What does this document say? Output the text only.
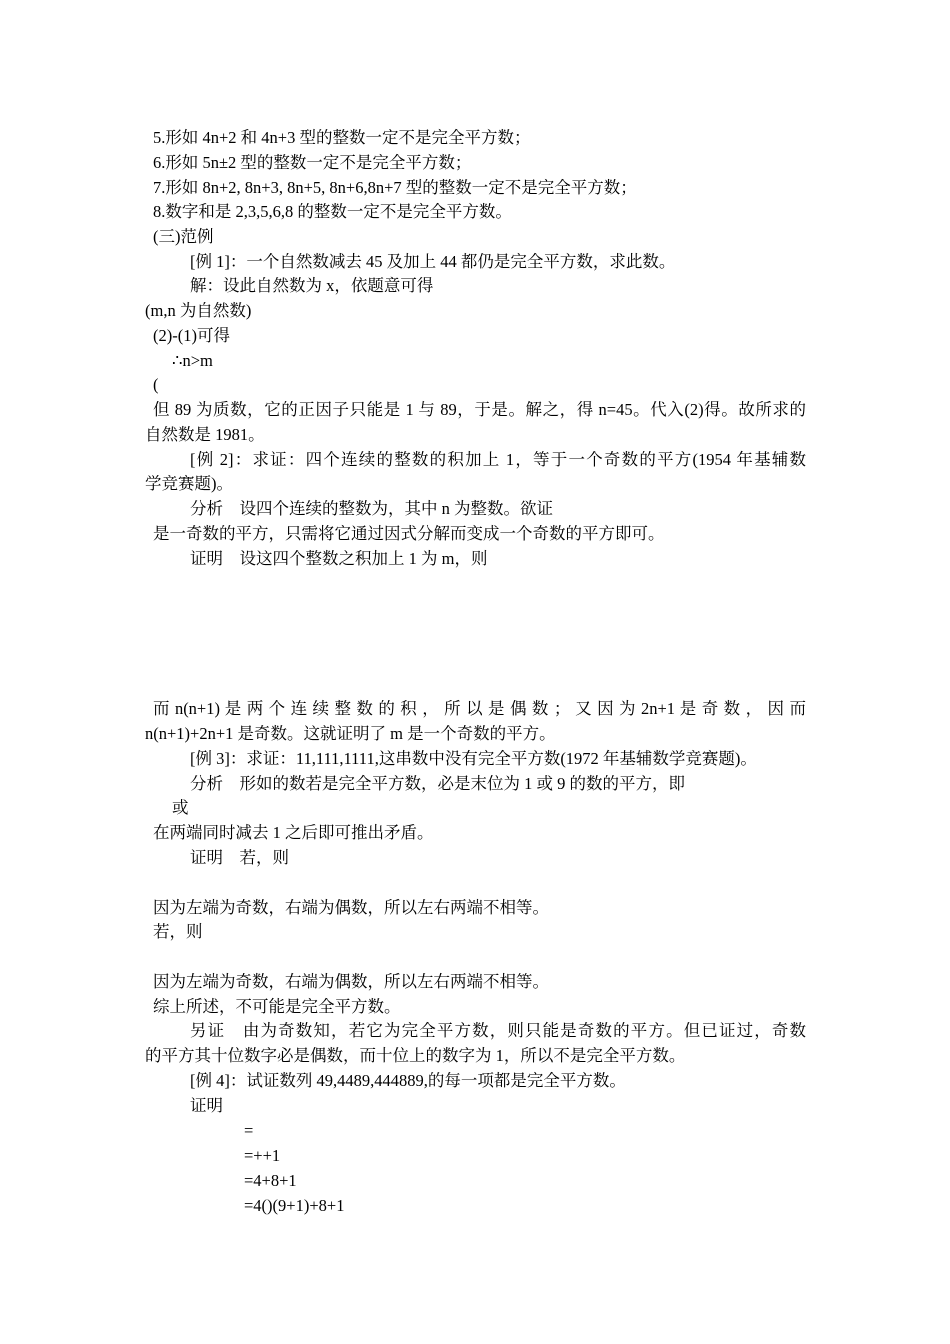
5.形如 4n+2 和 4n+3 型的整数一定不是完全平方数；
6.形如 5n±2 型的整数一定不是完全平方数；
7.形如 8n+2, 8n+3, 8n+5, 8n+6,8n+7 型的整数一定不是完全平方数；
8.数字和是 2,3,5,6,8 的整数一定不是完全平方数。
(三)范例
[例 1]：一个自然数减去 45 及加上 44 都仍是完全平方数，求此数。
解：设此自然数为 x，依题意可得
(m,n 为自然数)
(2)-(1)可得
∴n>m
(
但 89 为质数，它的正因子只能是 1 与 89，于是。解之，得 n=45。代入(2)得。故所求的
自然数是 1981。
[例 2]：求证：四个连续的整数的积加上 1，等于一个奇数的平方(1954 年基辅数
学竞赛题)。
分析　设四个连续的整数为，其中 n 为整数。欲证
是一奇数的平方，只需将它通过因式分解而变成一个奇数的平方即可。
证明　设这四个整数之积加上 1 为 m，则
而 n(n+1) 是 两 个 连 续 整 数 的 积 ， 所 以 是 偶 数 ； 又 因 为 2n+1 是 奇 数 ， 因 而
n(n+1)+2n+1 是奇数。这就证明了 m 是一个奇数的平方。
[例 3]：求证：11,111,1111,这串数中没有完全平方数(1972 年基辅数学竞赛题)。
分析　形如的数若是完全平方数，必是末位为 1 或 9 的数的平方，即
或
在两端同时减去 1 之后即可推出矛盾。
证明　若，则
因为左端为奇数，右端为偶数，所以左右两端不相等。
若，则
因为左端为奇数，右端为偶数，所以左右两端不相等。
综上所述，不可能是完全平方数。
另证　由为奇数知，若它为完全平方数，则只能是奇数的平方。但已证过，奇数
的平方其十位数字必是偶数，而十位上的数字为 1，所以不是完全平方数。
[例 4]：试证数列 49,4489,444889,的每一项都是完全平方数。
证明
=
=++1
=4+8+1
=4()(9+1)+8+1
